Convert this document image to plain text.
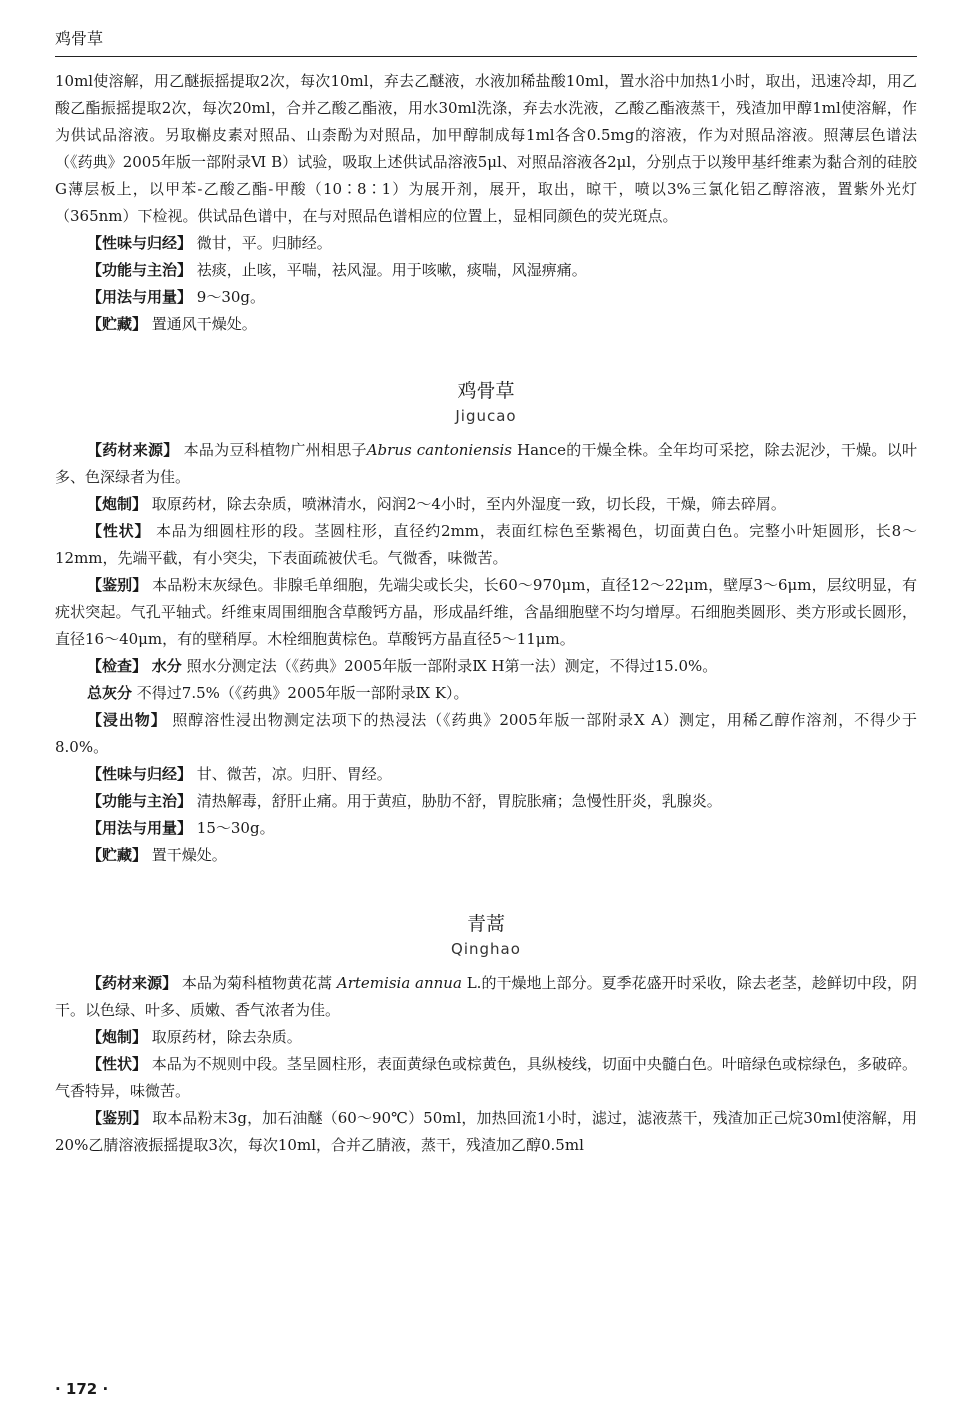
鸡骨草

10ml使溶解，用乙醚振摇提取2次，每次10ml，弃去乙醚液，水液加稀盐酸10ml，置水浴中加热1小时，取出，迅速冷却，用乙酸乙酯振摇提取2次，每次20ml，合并乙酸乙酯液，用水30ml洗涤，弃去水洗液，乙酸乙酯液蒸干，残渣加甲醇1ml使溶解，作为供试品溶液。另取槲皮素对照品、山柰酚为对照品，加甲醇制成每1ml各含0.5mg的溶液，作为对照品溶液。照薄层色谱法（《药典》2005年版一部附录Ⅵ B）试验，吸取上述供试品溶液5μl、对照品溶液各2μl，分别点于以羧甲基纤维素为黏合剂的硅胶G薄层板上，以甲苯-乙酸乙酯-甲酸（10∶8∶1）为展开剂，展开，取出，晾干，喷以3%三氯化铝乙醇溶液，置紫外光灯（365nm）下检视。供试品色谱中，在与对照品色谱相应的位置上，显相同颜色的荧光斑点。

【性味与归经】 微甘，平。归肺经。

【功能与主治】 祛痰，止咳，平喘，祛风湿。用于咳嗽，痰喘，风湿痹痛。

【用法与用量】 9～30g。

【贮藏】 置通风干燥处。

鸡骨草
Jigucao

【药材来源】 本品为豆科植物广州相思子Abrus cantoniensis Hance的干燥全株。全年均可采挖，除去泥沙，干燥。以叶多、色深绿者为佳。

【炮制】 取原药材，除去杂质，喷淋清水，闷润2～4小时，至内外湿度一致，切长段，干燥，筛去碎屑。

【性状】 本品为细圆柱形的段。茎圆柱形，直径约2mm，表面红棕色至紫褐色，切面黄白色。完整小叶矩圆形，长8～12mm，先端平截，有小突尖，下表面疏被伏毛。气微香，味微苦。

【鉴别】 本品粉末灰绿色。非腺毛单细胞，先端尖或长尖，长60～970μm，直径12～22μm，壁厚3～6μm，层纹明显，有疣状突起。气孔平轴式。纤维束周围细胞含草酸钙方晶，形成晶纤维，含晶细胞壁不均匀增厚。石细胞类圆形、类方形或长圆形，直径16～40μm，有的壁稍厚。木栓细胞黄棕色。草酸钙方晶直径5～11μm。

【检查】 水分 照水分测定法（《药典》2005年版一部附录Ⅸ H第一法）测定，不得过15.0%。

总灰分 不得过7.5%（《药典》2005年版一部附录Ⅸ K）。

【浸出物】 照醇溶性浸出物测定法项下的热浸法（《药典》2005年版一部附录Ⅹ A）测定，用稀乙醇作溶剂，不得少于8.0%。

【性味与归经】 甘、微苦，凉。归肝、胃经。

【功能与主治】 清热解毒，舒肝止痛。用于黄疸，胁肋不舒，胃脘胀痛；急慢性肝炎，乳腺炎。

【用法与用量】 15～30g。

【贮藏】 置干燥处。

青蒿
Qinghao

【药材来源】 本品为菊科植物黄花蒿 Artemisia annua L.的干燥地上部分。夏季花盛开时采收，除去老茎，趁鲜切中段，阴干。以色绿、叶多、质嫩、香气浓者为佳。

【炮制】 取原药材，除去杂质。

【性状】 本品为不规则中段。茎呈圆柱形，表面黄绿色或棕黄色，具纵棱线，切面中央髓白色。叶暗绿色或棕绿色，多破碎。气香特异，味微苦。

【鉴别】 取本品粉末3g，加石油醚（60～90℃）50ml，加热回流1小时，滤过，滤液蒸干，残渣加正己烷30ml使溶解，用20%乙腈溶液振摇提取3次，每次10ml，合并乙腈液，蒸干，残渣加乙醇0.5ml

· 172 ·
